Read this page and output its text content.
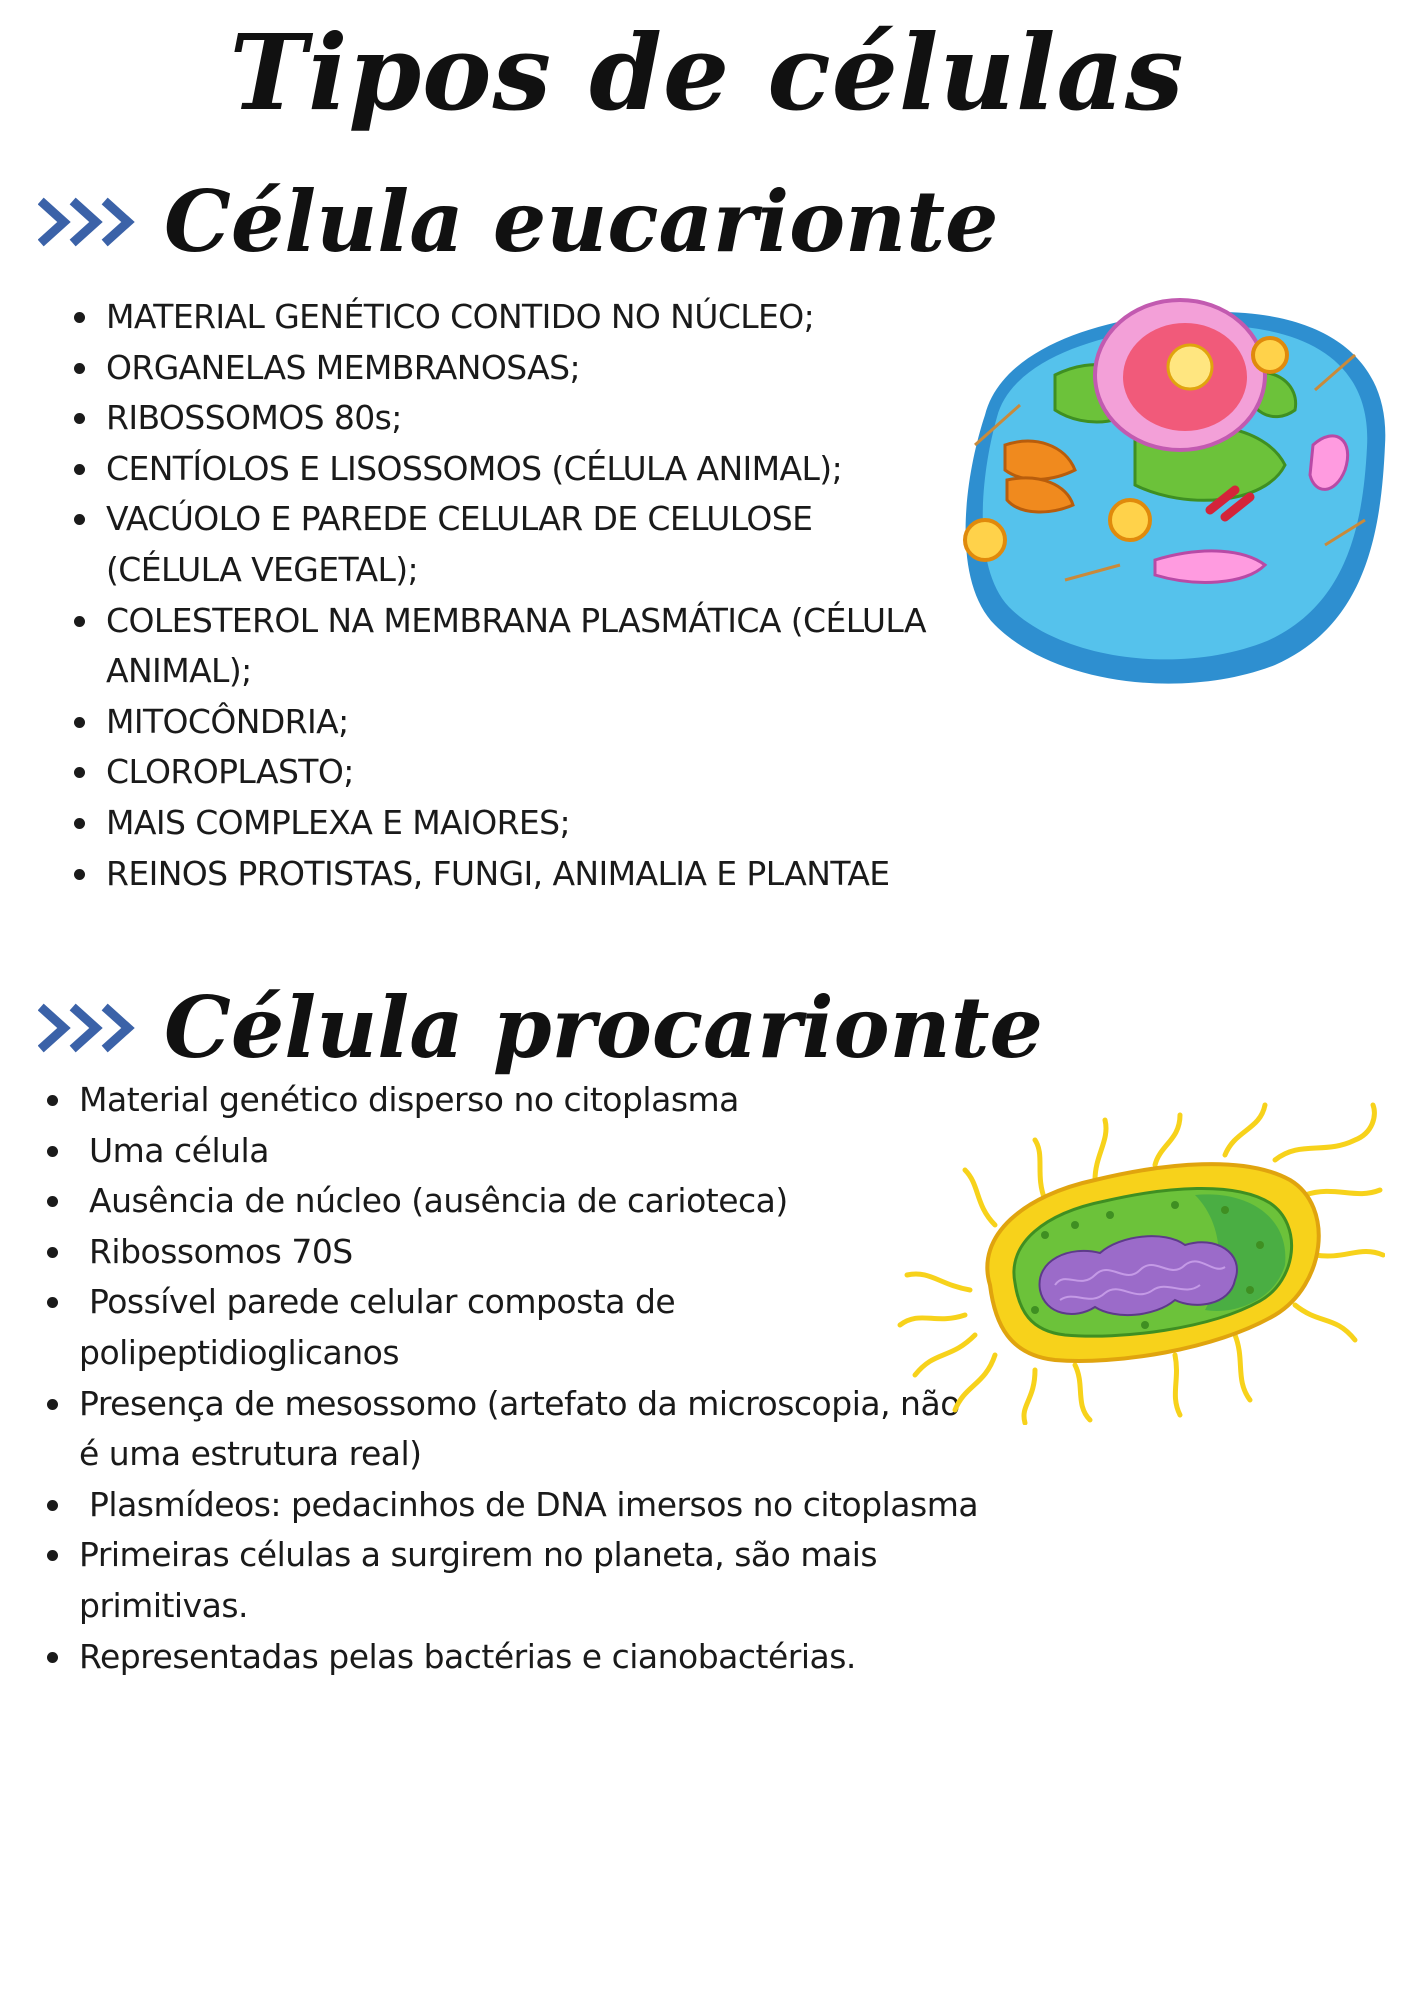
Tipos de células
Célula eucarionte
MATERIAL GENÉTICO CONTIDO NO NÚCLEO;
ORGANELAS MEMBRANOSAS;
RIBOSSOMOS 80s;
CENTÍOLOS E LISOSSOMOS (CÉLULA ANIMAL);
VACÚOLO E PAREDE CELULAR DE CELULOSE (CÉLULA VEGETAL);
COLESTEROL NA MEMBRANA PLASMÁTICA (CÉLULA ANIMAL);
MITOCÔNDRIA;
CLOROPLASTO;
MAIS COMPLEXA E MAIORES;
REINOS PROTISTAS, FUNGI, ANIMALIA E PLANTAE
Célula procarionte
Material genético disperso no citoplasma
Uma célula
Ausência de núcleo (ausência de carioteca)
Ribossomos 70S
Possível parede celular composta de polipeptidioglicanos
Presença de mesossomo (artefato da microscopia, não é uma estrutura real)
Plasmídeos: pedacinhos de DNA imersos no citoplasma
Primeiras células a surgirem no planeta, são mais primitivas.
Representadas pelas bactérias e cianobactérias.
